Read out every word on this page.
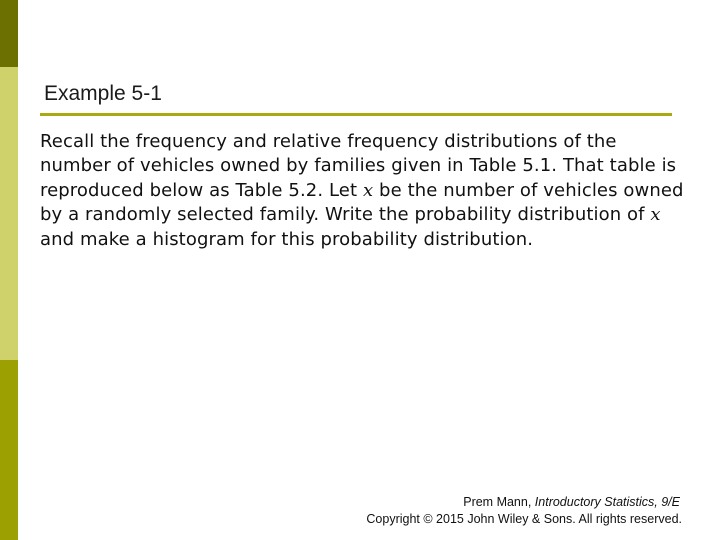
Example 5-1

Recall the frequency and relative frequency distributions of the number of vehicles owned by families given in Table 5.1. That table is reproduced below as Table 5.2. Let x be the number of vehicles owned by a randomly selected family. Write the probability distribution of x and make a histogram for this probability distribution.

Prem Mann, Introductory Statistics, 9/E
Copyright © 2015 John Wiley & Sons. All rights reserved.
